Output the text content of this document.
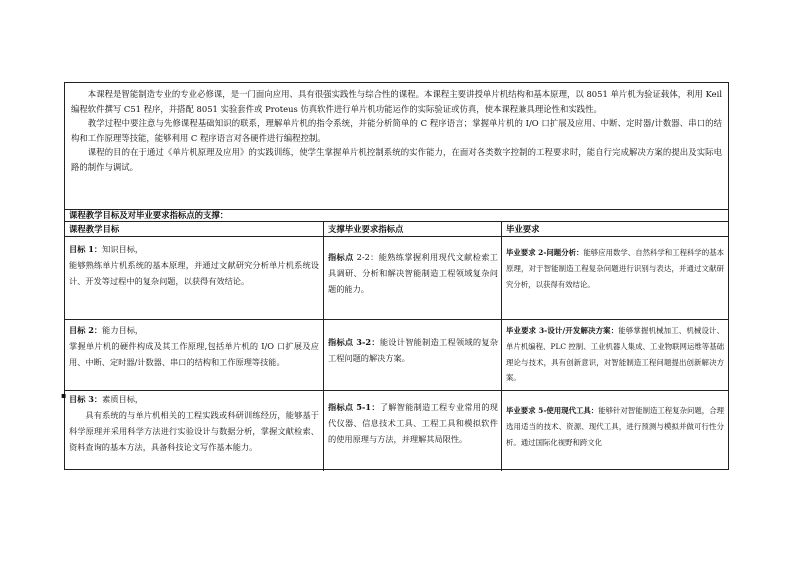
本课程是智能制造专业的专业必修课，是一门面向应用、具有很强实践性与综合性的课程。本课程主要讲授单片机结构和基本原理，以 8051 单片机为验证载体，利用 Keil 编程软件撰写 C51 程序，并搭配 8051 实验套件或 Proteus 仿真软件进行单片机功能运作的实际验证或仿真，使本课程兼具理论性和实践性。

教学过程中要注意与先修课程基础知识的联系，理解单片机的指令系统，并能分析简单的 C 程序语言；掌握单片机的 I/O 口扩展及应用、中断、定时器/计数器、串口的结构和工作原理等技能，能够利用 C 程序语言对各硬件进行编程控制。

课程的目的在于通过《单片机原理及应用》的实践训练，使学生掌握单片机控制系统的实作能力，在面对各类数字控制的工程要求时，能自行完成解决方案的提出及实际电路的制作与调试。

课程教学目标及对毕业要求指标点的支撑：
课程教学目标	支撑毕业要求指标点	毕业要求
目标 1：知识目标，
能够熟练单片机系统的基本原理，并通过文献研究分析单片机系统设计、开发等过程中的复杂问题，以获得有效结论。
指标点 2-2：能熟练掌握利用现代文献检索工具调研、分析和解决智能制造工程领域复杂问题的能力。
毕业要求 2-问题分析：能够应用数学、自然科学和工程科学的基本原理，对于智能制造工程复杂问题进行识别与表达，并通过文献研究分析，以获得有效结论。
目标 2：能力目标，
掌握单片机的硬件构成及其工作原理,包括单片机的 I/O 口扩展及应用、中断、定时器/计数器、串口的结构和工作原理等技能。
指标点 3-2：能设计智能制造工程领域的复杂工程问题的解决方案。
毕业要求 3-设计/开发解决方案：能够掌握机械加工、机械设计、单片机编程、PLC 控制、工业机器人集成、工业物联网运维等基础理论与技术，具有创新意识，对智能制造工程问题提出创新解决方案。
目标 3：素质目标，

具有系统的与单片机相关的工程实践或科研训练经历，能够基于科学原理并采用科学方法进行实验设计与数据分析，掌握文献检索、资料查询的基本方法，具备科技论文写作基本能力。
指标点 5-1：了解智能制造工程专业常用的现代仪器、信息技术工具、工程工具和模拟软件的使用原理与方法，并理解其局限性。
毕业要求 5-使用现代工具：能够针对智能制造工程复杂问题，合理选用适当的技术、资源、现代工具，进行预测与模拟并做可行性分析。通过国际化视野和跨文化
▪
